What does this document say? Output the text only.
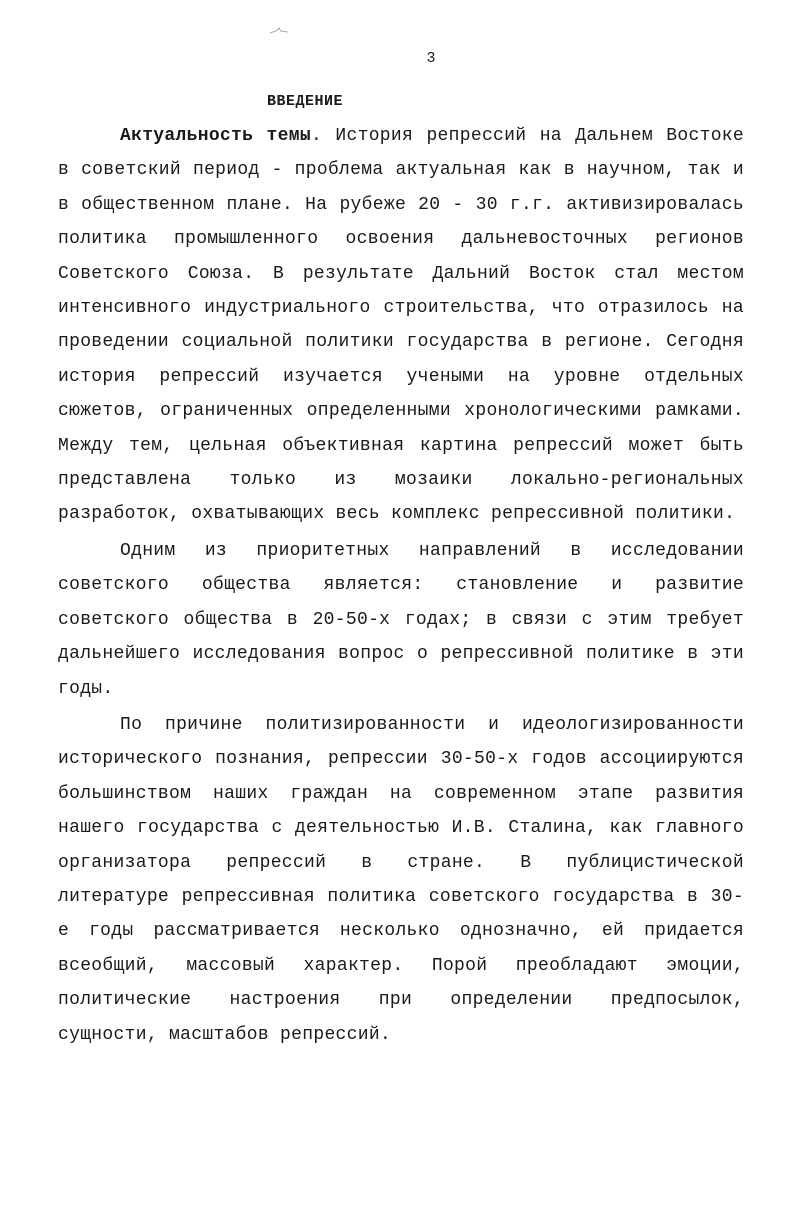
3
ВВЕДЕНИЕ

Актуальность темы. История репрессий на Дальнем Востоке в советский период - проблема актуальная как в научном, так и в общественном плане. На рубеже 20 - 30 г.г. активизировалась политика промышленного освоения дальневосточных регионов Советского Союза. В результате Дальний Восток стал местом интенсивного индустриального строительства, что отразилось на проведении социальной политики государства в регионе. Сегодня история репрессий изучается учеными на уровне отдельных сюжетов, ограниченных определенными хронологическими рамками. Между тем, цельная объективная картина репрессий может быть представлена только из мозаики локально-региональных разработок, охватывающих весь комплекс репрессивной политики.

Одним из приоритетных направлений в исследовании советского общества является: становление и развитие советского общества в 20-50-х годах; в связи с этим требует дальнейшего исследования вопрос о репрессивной политике в эти годы.

По причине политизированности и идеологизированности исторического познания, репрессии 30-50-х годов ассоциируются большинством наших граждан на современном этапе развития нашего государства с деятельностью И.В. Сталина, как главного организатора репрессий в стране. В публицистической литературе репрессивная политика советского государства в 30-е годы рассматривается несколько однозначно, ей придается всеобщий, массовый характер. Порой преобладают эмоции, политические настроения при определении предпосылок, сущности, масштабов репрессий.
